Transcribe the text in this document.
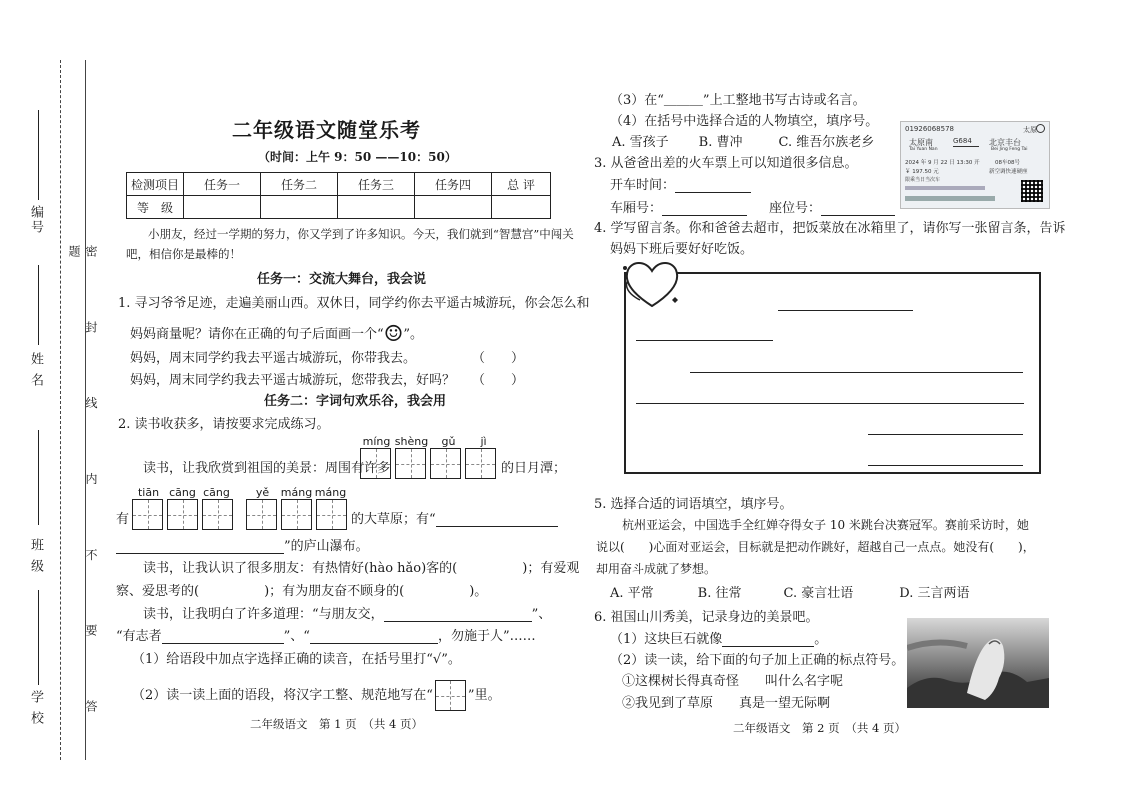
学 校
班 级
姓 名
编号
密 封 线 内 不 要 答 题
二年级语文随堂乐考
（时间：上午 9：50 ——10：50）
检测项目	任务一	任务二	任务三	任务四	总 评
等　级					
小朋友，经过一学期的努力，你又学到了许多知识。今天，我们就到“智慧宫”中闯关
吧，相信你是最棒的！
任务一：交流大舞台，我会说
1. 寻习爷爷足迹，走遍美丽山西。双休日，同学约你去平遥古城游玩，你会怎么和
妈妈商量呢？请你在正确的句子后面画一个“☺”。
妈妈，周末同学约我去平遥古城游玩，你带我去。	（　　）
妈妈，周末同学约我去平遥古城游玩，您带我去，好吗？ （　　）
任务二：字词句欢乐谷，我会用
2. 读书收获多，请按要求完成练习。
míng shèng	gǔ	jì
读书，让我欣赏到祖国的美景：周围有许多	的日月潭；
tiān cāng cāng	yě	máng máng
有	的大草原；有“
”的庐山瀑布。
读书，让我认识了很多朋友：有热情好(hào hǎo)客的(　　　　　)；有爱观
察、爱思考的(　　　　　)；有为朋友奋不顾身的(　　　　　)。
读书，让我明白了许多道理：“与朋友交，	”、
“有志者	”、“	，勿施于人”……
（1）给语段中加点字选择正确的读音，在括号里打“√”。
（2）读一读上面的语段，将汉字工整、规范地写在“	”里。
二年级语文　第 1 页　（共 4 页）
（3）在“＿＿＿”上工整地书写古诗或名言。
（4）在括号中选择合适的人物填空，填序号。
A. 雪孩子 B. 曹冲	C. 维吾尔族老乡
3. 从爸爸出差的火车票上可以知道很多信息。
开车时间：
车厢号：	座位号：
01926068578	太原
太原南
Tai Yuan Nan
G684 北京丰台
Bei Jing Feng Tai
2024 年 9 月 22 日 13:30 开	08车08号
￥ 197.50 元	新空调快速硬座
限乘当日当次车
4. 学写留言条。你和爸爸去超市，把饭菜放在冰箱里了，请你写一张留言条，告诉
妈妈下班后要好好吃饭。
5. 选择合适的词语填空，填序号。
杭州亚运会，中国选手全红婵夺得女子 10 米跳台决赛冠军。赛前采访时，她
说以(　　)心面对亚运会，目标就是把动作跳好，超越自己一点点。她没有(　　)，
却用奋斗成就了梦想。
A. 平常	B. 往常	C. 豪言壮语	D. 三言两语
6. 祖国山川秀美，记录身边的美景吧。
（1）这块巨石就像	。
（2）读一读，给下面的句子加上正确的标点符号。
①这棵树长得真奇怪　　叫什么名字呢
②我见到了草原　　真是一望无际啊
二年级语文　第 2 页　（共 4 页）
